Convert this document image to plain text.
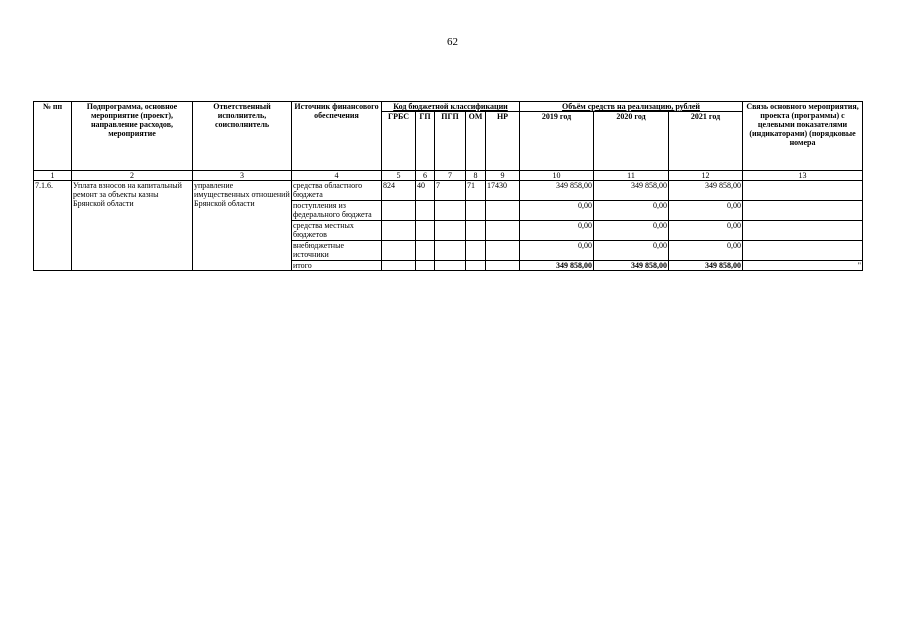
62
№ пп	Подпрограмма, основное мероприятие (проект), направление расходов, мероприятие	Ответственный исполнитель, соисполнитель	Источник финансового обеспечения	Код бюджетной классификации					Объём средств на реализацию, рублей			Связь основного мероприятия, проекта (программы) с целевыми показателями (индикаторами) (порядковые номера
				ГРБС	ГП	ПГП	ОМ	НР	2019 год	2020 год	2021 год	
1	2	3	4	5	6	7	8	9	10	11	12	13
7.1.6.	Уплата взносов на капитальный ремонт за объекты казны Брянской области	управление имущественных отношений Брянской области	средства областного бюджета	824	40	7	71	17430	349 858,00	349 858,00	349 858,00	
			поступления из федерального бюджета						0,00	0,00	0,00	
			средства местных бюджетов						0,00	0,00	0,00	
			внебюджетные источники						0,00	0,00	0,00	
			итого						349 858,00	349 858,00	349 858,00	"
